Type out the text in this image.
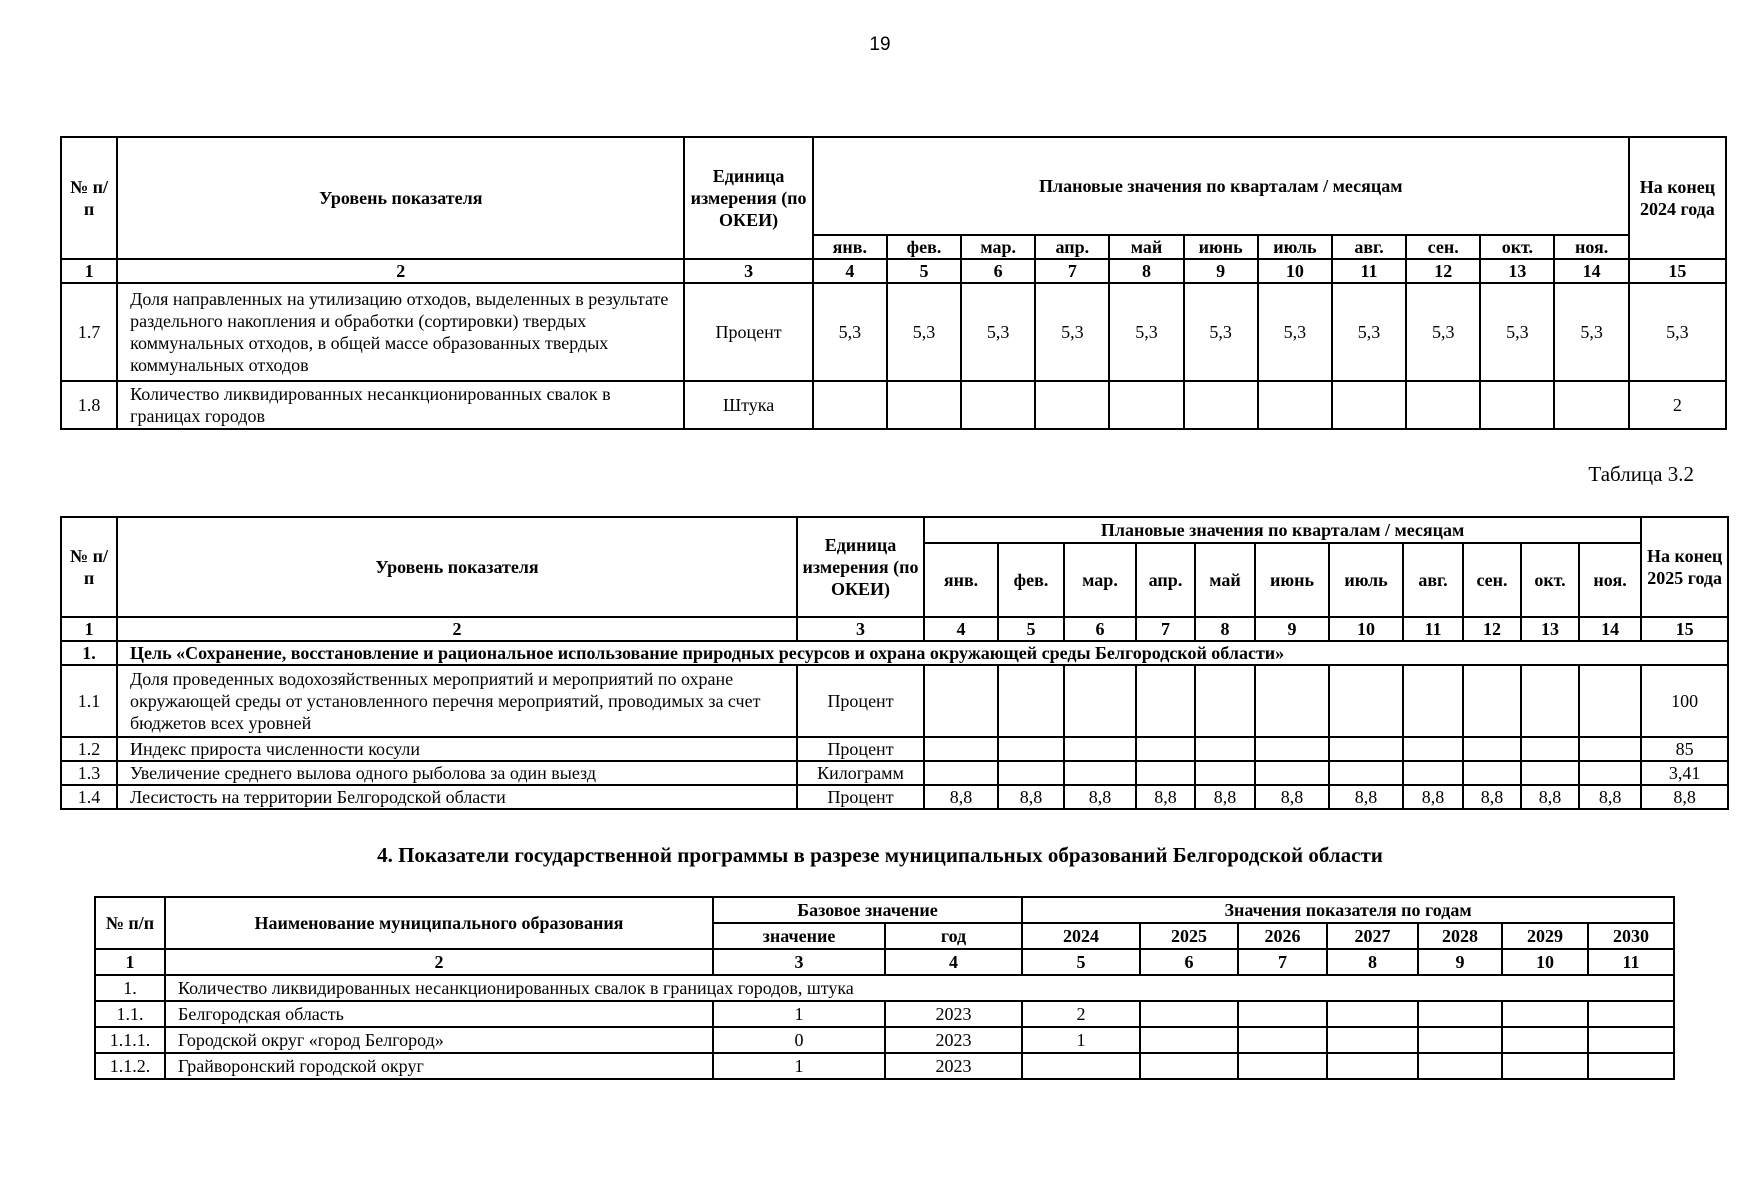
19
№ п/п	Уровень показателя	Единица измерения (по ОКЕИ)	Плановые значения по кварталам / месяцам											На конец 2024 года
			янв.	фев.	мар.	апр.	май	июнь	июль	авг.	сен.	окт.	ноя.	
1	2	3	4	5	6	7	8	9	10	11	12	13	14	15
1.7	Доля направленных на утилизацию отходов, выделенных в результате раздельного накопления и обработки (сортировки) твердых коммунальных отходов, в общей массе образованных твердых коммунальных отходов	Процент	5,3	5,3	5,3	5,3	5,3	5,3	5,3	5,3	5,3	5,3	5,3	5,3
1.8	Количество ликвидированных несанкционированных свалок в границах городов	Штука												2
Таблица 3.2
№ п/п	Уровень показателя	Единица измерения (по ОКЕИ)	Плановые значения по кварталам / месяцам											На конец 2025 года
			янв.	фев.	мар.	апр.	май	июнь	июль	авг.	сен.	окт.	ноя.	
1	2	3	4	5	6	7	8	9	10	11	12	13	14	15
1.	Цель «Сохранение, восстановление и рациональное использование природных ресурсов и охрана окружающей среды Белгородской области»													
1.1	Доля проведенных водохозяйственных мероприятий и мероприятий по охране окружающей среды от установленного перечня мероприятий, проводимых за счет бюджетов всех уровней	Процент												100
1.2	Индекс прироста численности косули	Процент												85
1.3	Увеличение среднего вылова одного рыболова за один выезд	Килограмм												3,41
1.4	Лесистость на территории Белгородской области	Процент	8,8	8,8	8,8	8,8	8,8	8,8	8,8	8,8	8,8	8,8	8,8	8,8
4. Показатели государственной программы в разрезе муниципальных образований Белгородской области
№ п/п	Наименование муниципального образования	Базовое значение		Значения показателя по годам						
		значение	год	2024	2025	2026	2027	2028	2029	2030
1	2	3	4	5	6	7	8	9	10	11
1.	Количество ликвидированных несанкционированных свалок в границах городов, штука									
1.1.	Белгородская область	1	2023	2						
1.1.1.	Городской округ «город Белгород»	0	2023	1						
1.1.2.	Грайворонский городской округ	1	2023							
